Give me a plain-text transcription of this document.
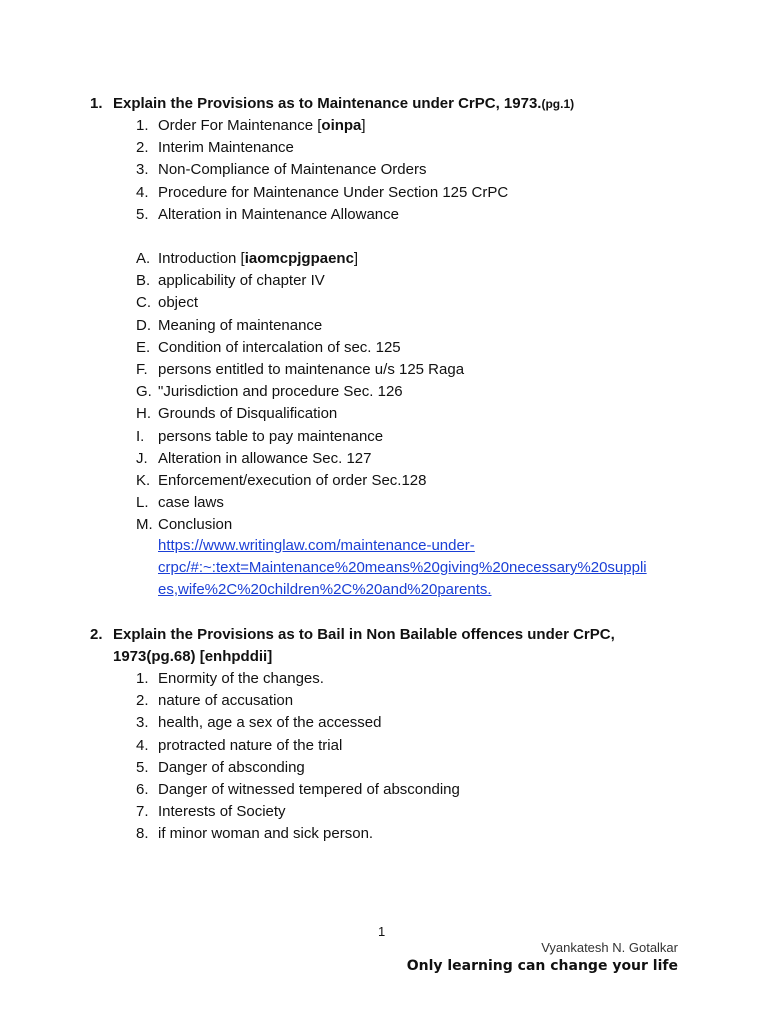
1. Explain the Provisions as to Maintenance under CrPC, 1973.(pg.1)
1. Order For Maintenance [oinpa]
2. Interim Maintenance
3. Non-Compliance of Maintenance Orders
4. Procedure for Maintenance Under Section 125 CrPC
5. Alteration in Maintenance Allowance
A. Introduction [iaomcpjgpaenc]
B. applicability of chapter IV
C. object
D. Meaning of maintenance
E. Condition of intercalation of sec. 125
F. persons entitled to maintenance u/s 125 Raga
G. "Jurisdiction and procedure Sec. 126
H. Grounds of Disqualification
I. persons table to pay maintenance
J. Alteration in allowance Sec. 127
K. Enforcement/execution of order Sec.128
L. case laws
M. Conclusion
https://www.writinglaw.com/maintenance-under-
crpc/#:~:text=Maintenance%20means%20giving%20necessary%20suppli
es,wife%2C%20children%2C%20and%20parents.
2. Explain the Provisions as to Bail in Non Bailable offences under CrPC,
1973(pg.68) [enhpddii]
1. Enormity of the changes.
2. nature of accusation
3. health, age a sex of the accessed
4. protracted nature of the trial
5. Danger of absconding
6. Danger of witnessed tempered of absconding
7. Interests of Society
8. if minor woman and sick person.
1
Vyankatesh N. Gotalkar
Only learning can change your life
